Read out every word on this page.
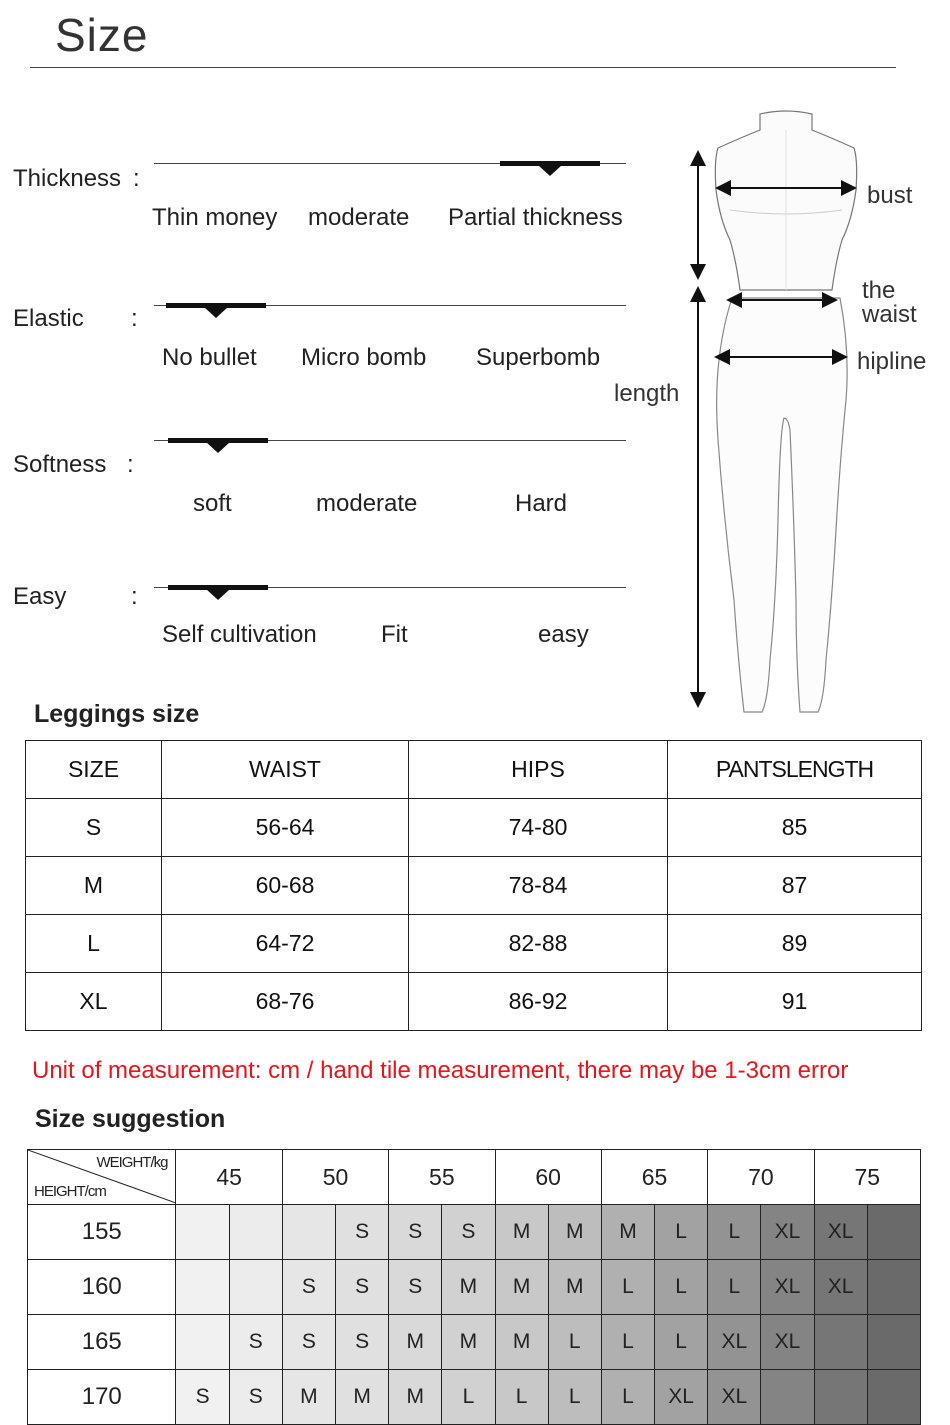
Size
Thickness :
Thin money moderate Partial thickness
Elastic :
No bullet Micro bomb Superbomb
Softness :
soft	moderate	Hard
Easy	:
Self cultivation	Fit	easy
bust
the
waist
hipline
length
Leggings size
SIZE	WAIST	HIPS	PANTSLENGTH
S	56-64	74-80	85
M	60-68	78-84	87
L	64-72	82-88	89
XL	68-76	86-92	91
Unit of measurement: cm / hand tile measurement, there may be 1-3cm error
Size suggestion
WEIGHT/kg
HEIGHT/cm	45		50		55		60		65		70		75	
155				S	S	S	M	M	M	L	L	XL	XL	
160			S	S	S	M	M	M	L	L	L	XL	XL	
165		S	S	S	M	M	M	L	L	L	XL	XL		
170	S	S	M	M	M	L	L	L	L	XL	XL			
